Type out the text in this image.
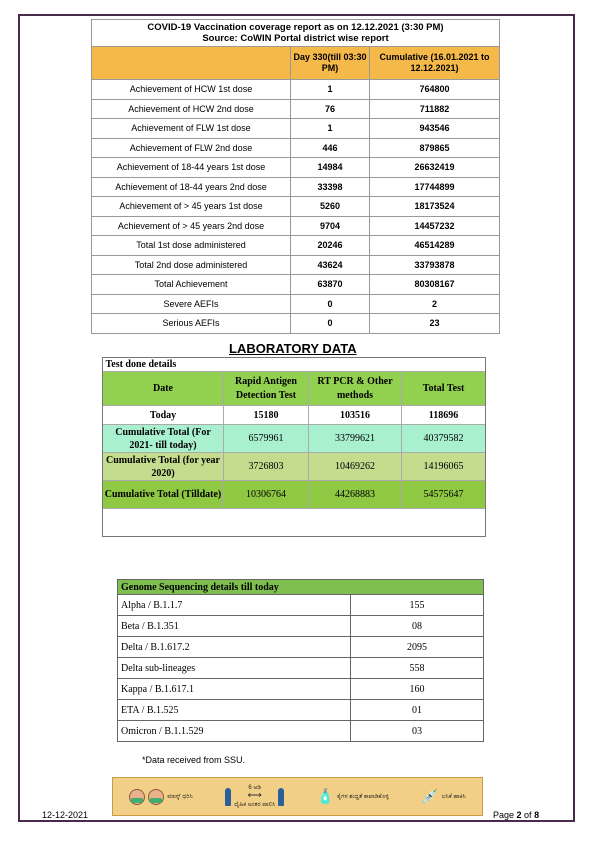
COVID-19 Vaccination coverage report as on 12.12.2021 (3:30 PM)
Source: CoWIN Portal district wise report		
	Day 330(till 03:30 PM)	Cumulative (16.01.2021 to 12.12.2021)
Achievement of HCW 1st dose	1	764800
Achievement of HCW 2nd dose	76	711882
Achievement of FLW 1st dose	1	943546
Achievement of FLW 2nd dose	446	879865
Achievement of 18-44 years 1st dose	14984	26632419
Achievement of 18-44 years 2nd dose	33398	17744899
Achievement of > 45 years 1st dose	5260	18173524
Achievement of > 45 years 2nd dose	9704	14457232
Total 1st dose administered	20246	46514289
Total 2nd dose administered	43624	33793878
Total Achievement	63870	80308167
Severe AEFIs	0	2
Serious AEFIs	0	23
LABORATORY DATA
Test done details			
Date	Rapid Antigen Detection Test	RT PCR & Other methods	Total Test
Today	15180	103516	118696
Cumulative Total (For 2021- till today)	6579961	33799621	40379582
Cumulative Total (for year 2020)	3726803	10469262	14196065
Cumulative Total (Tilldate)	10306764	44268883	54575647

Genome Sequencing details till today	
Alpha / B.1.1.7	155
Beta / B.1.351	08
Delta / B.1.617.2	2095
Delta sub-lineages	558
Kappa / B.1.617.1	160
ETA / B.1.525	01
Omicron / B.1.1.529	03
*Data received from SSU.
ಮಾಸ್ಕ್ ಧರಿಸಿ
6 ಅಡಿ
⟷
ದೈಹಿಕ ಅಂತರ ಪಾಲಿಸಿ
🧴 ಕೈಗಳ ಶುದ್ಧತೆ ಕಾಪಾಡಿಕೊಳ್ಳಿ 💉 ಲಸಿಕೆ ಹಾಕಿಸಿ
12-12-2021	Page 2 of 8
